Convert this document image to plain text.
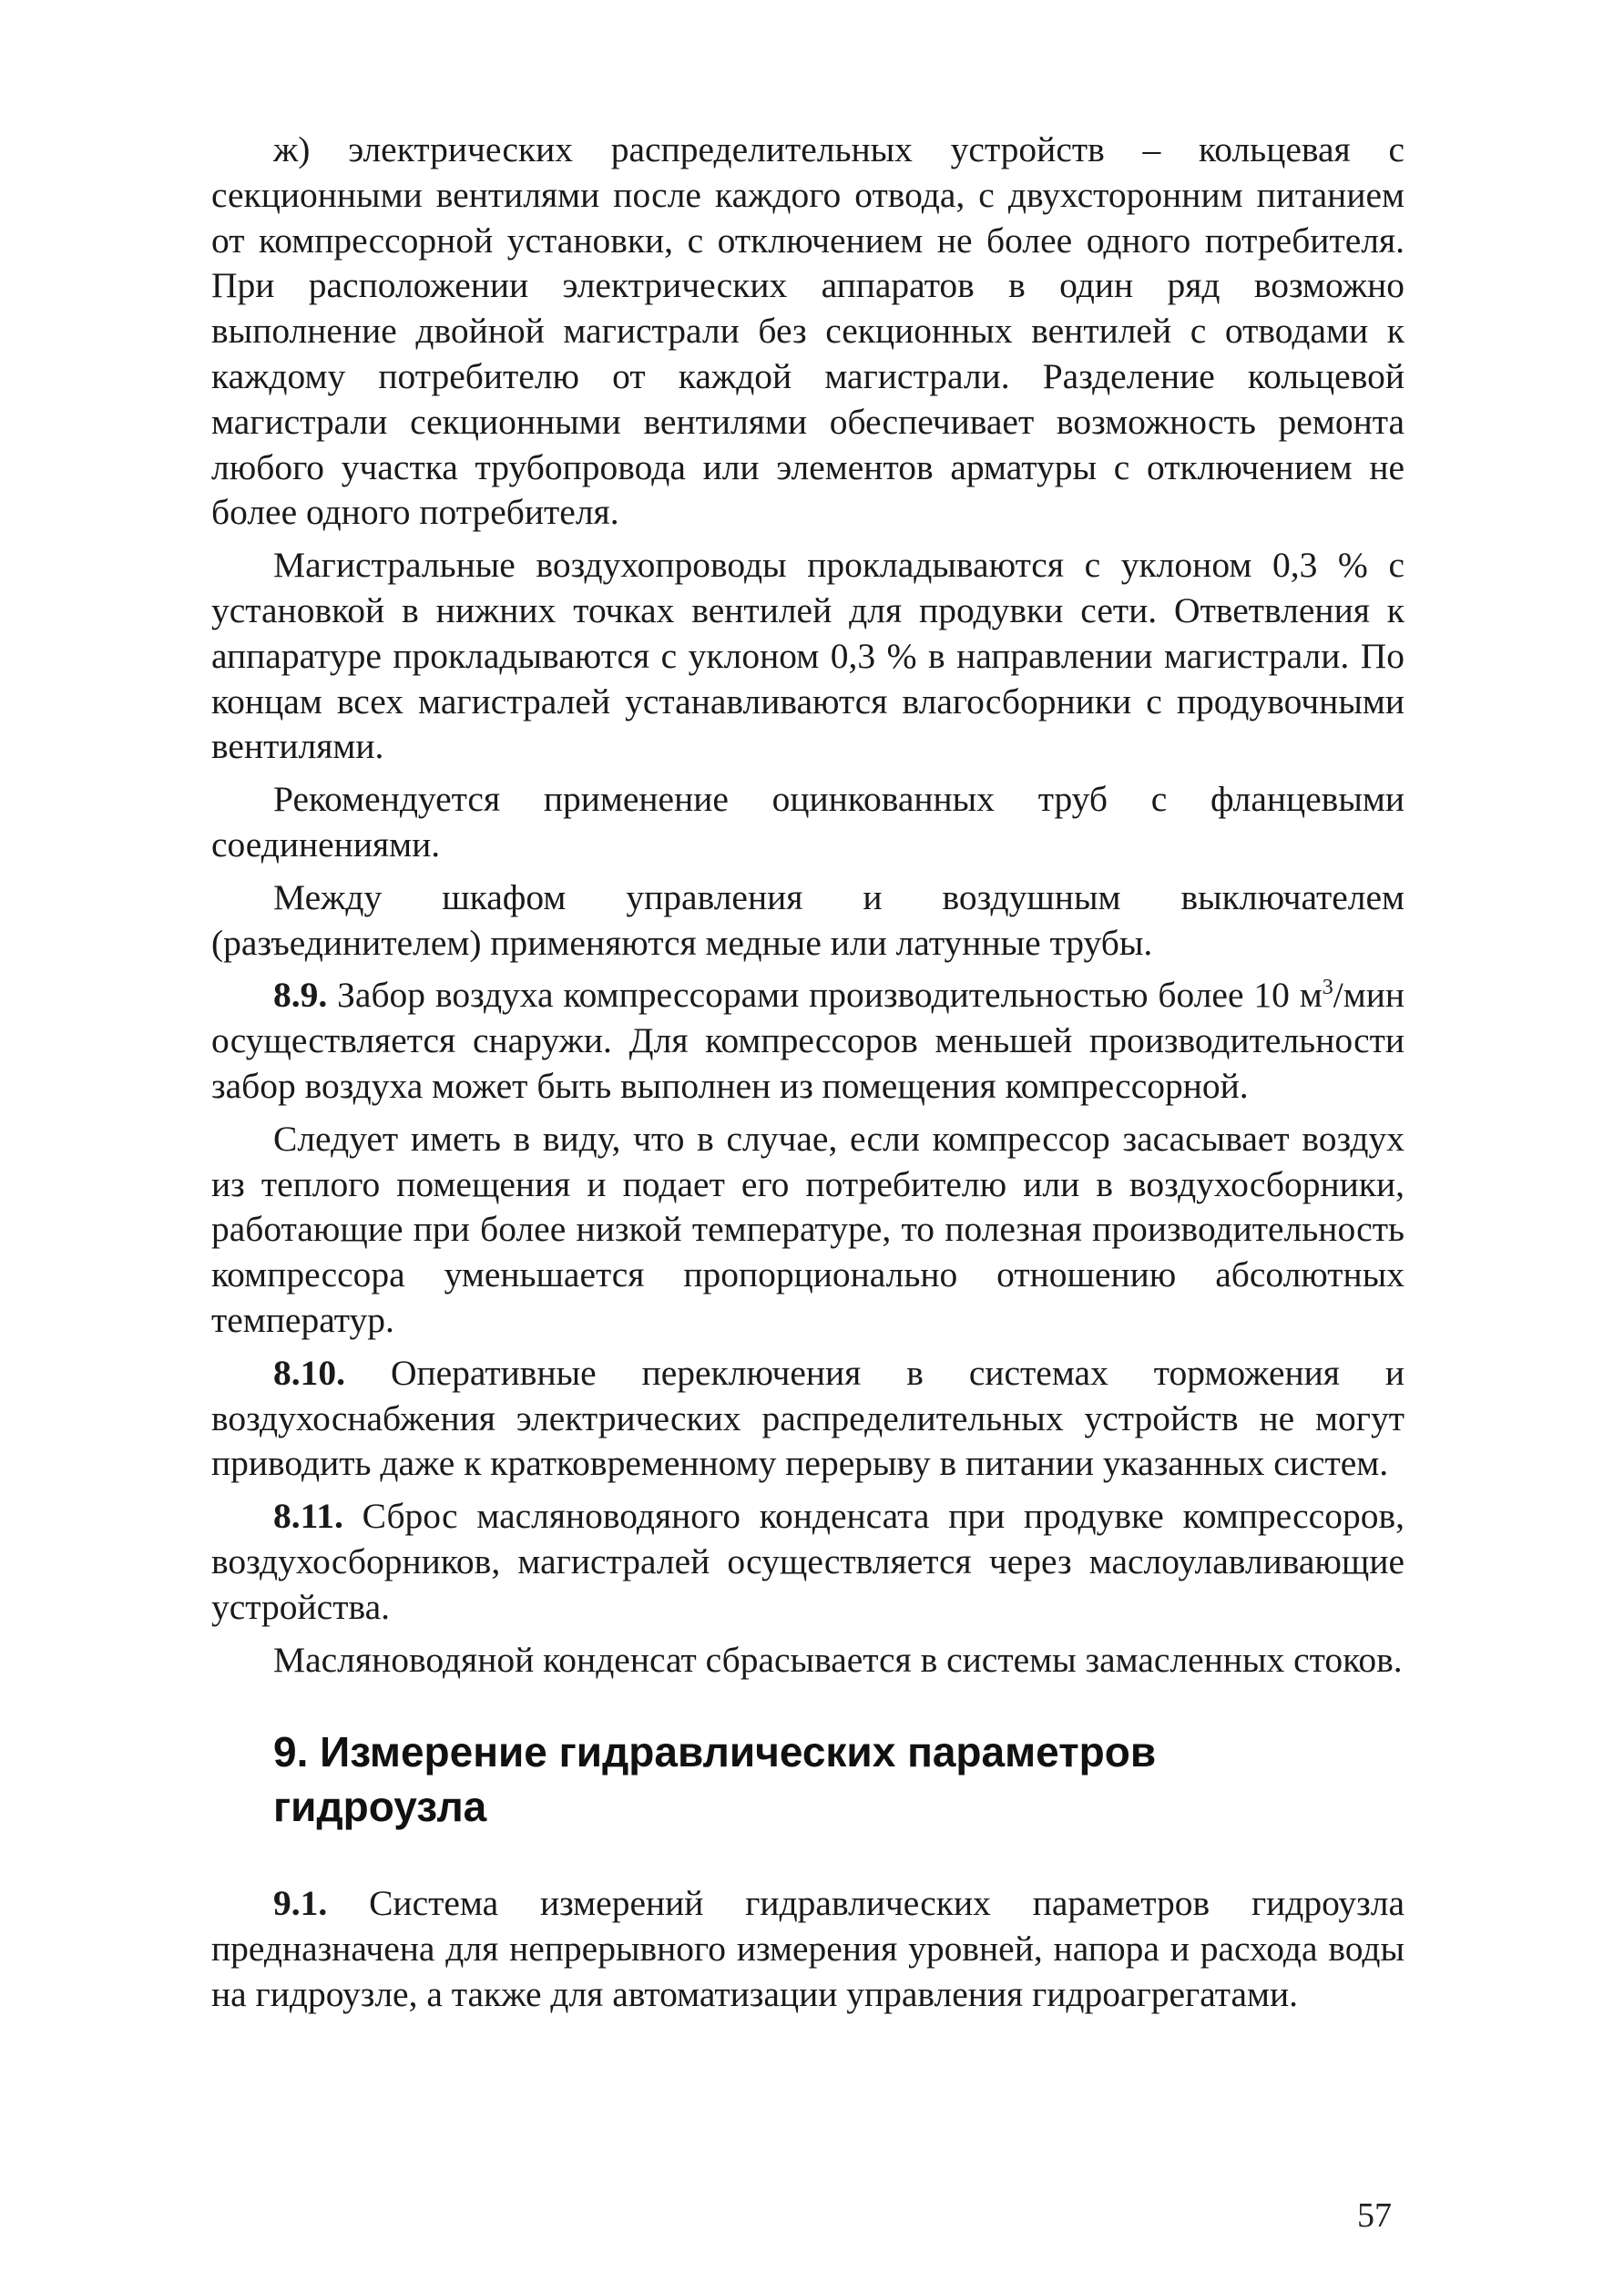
ж) электрических распределительных устройств – кольцевая с секционными вентилями после каждого отвода, с двухсторонним питанием от компрессорной установки, с отключением не более одного потребителя. При расположении электрических аппаратов в один ряд возможно выполнение двойной магистрали без секционных вентилей с отводами к каждому потребителю от каждой магистрали. Разделение кольцевой магистрали секционными вентилями обеспечивает возможность ремонта любого участка трубопровода или элементов арматуры с отключением не более одного потребителя.

Магистральные воздухопроводы прокладываются с уклоном 0,3 % с установкой в нижних точках вентилей для продувки сети. Ответвления к аппаратуре прокладываются с уклоном 0,3 % в направлении магистрали. По концам всех магистралей устанавливаются влагосборники с продувочными вентилями.

Рекомендуется применение оцинкованных труб с фланцевыми соединениями.

Между шкафом управления и воздушным выключателем (разъединителем) применяются медные или латунные трубы.

8.9. Забор воздуха компрессорами производительностью более 10 $м^3$/мин осуществляется снаружи. Для компрессоров меньшей производительности забор воздуха может быть выполнен из помещения компрессорной.

Следует иметь в виду, что в случае, если компрессор засасывает воздух из теплого помещения и подает его потребителю или в воздухосборники, работающие при более низкой температуре, то полезная производительность компрессора уменьшается пропорционально отношению абсолютных температур.

8.10. Оперативные переключения в системах торможения и воздухоснабжения электрических распределительных устройств не могут приводить даже к кратковременному перерыву в питании указанных систем.

8.11. Сброс масляноводяного конденсата при продувке компрессоров, воздухосборников, магистралей осуществляется через маслоулавливающие устройства.

Масляноводяной конденсат сбрасывается в системы замасленных стоков.

9. Измерение гидравлических параметров
гидроузла

9.1. Система измерений гидравлических параметров гидроузла предназначена для непрерывного измерения уровней, напора и расхода воды на гидроузле, а также для автоматизации управления гидроагрегатами.

57
